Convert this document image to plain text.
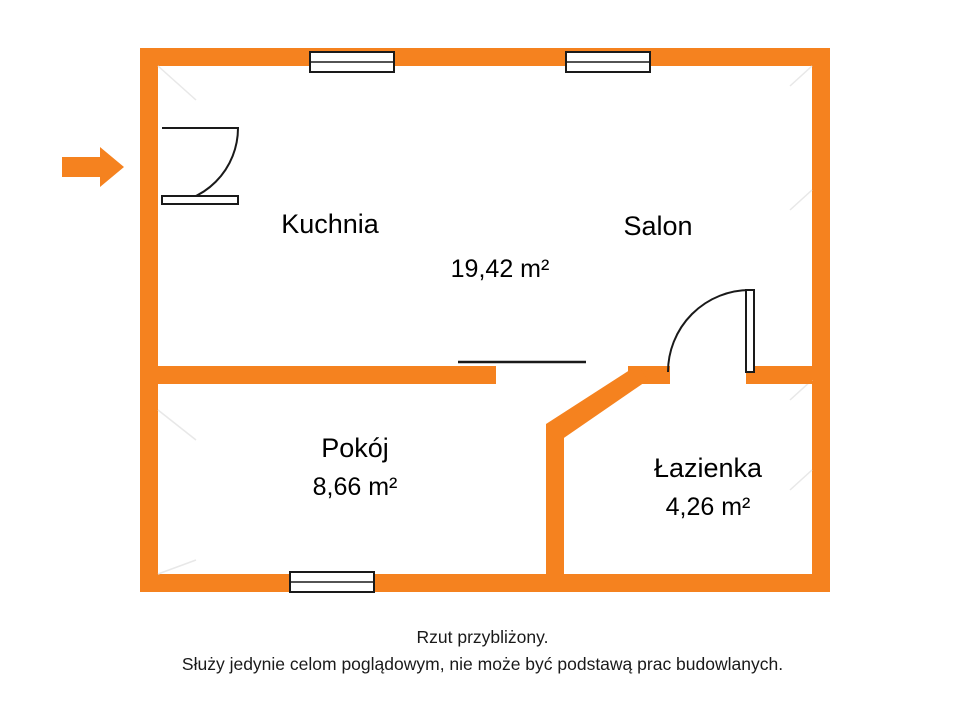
Kuchnia	Salon
19,42 m²
Pokój
8,66 m²
Łazienka
4,26 m²
Rzut przybliżony.
Służy jedynie celom poglądowym, nie może być podstawą prac budowlanych.
